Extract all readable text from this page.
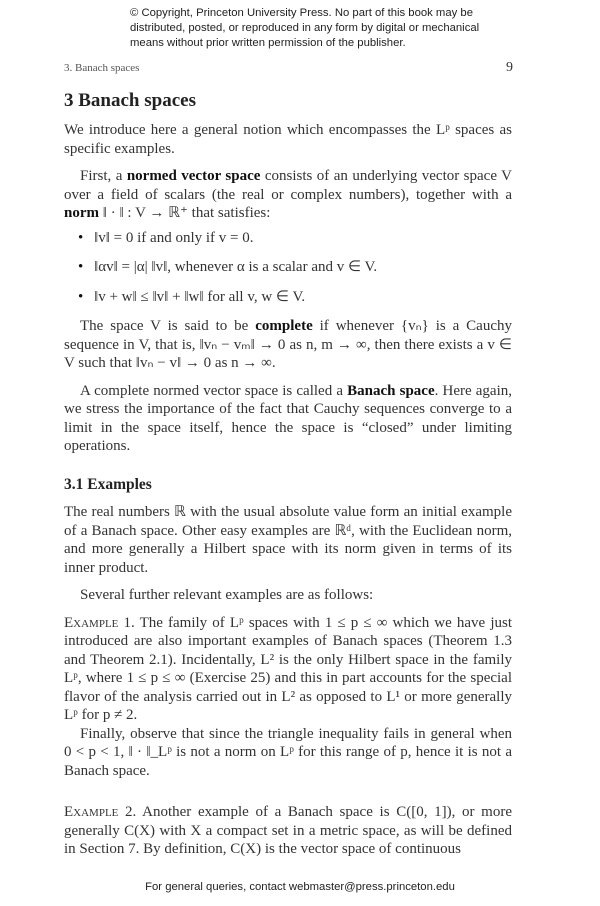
© Copyright, Princeton University Press. No part of this book may be
distributed, posted, or reproduced in any form by digital or mechanical
means without prior written permission of the publisher.
3. Banach spaces	9
3 Banach spaces

We introduce here a general notion which encompasses the Lᵖ spaces as specific examples.

First, a normed vector space consists of an underlying vector space V over a field of scalars (the real or complex numbers), together with a norm ‖ · ‖ : V → ℝ⁺ that satisfies:

• ‖v‖ = 0 if and only if v = 0.
• ‖αv‖ = |α| ‖v‖, whenever α is a scalar and v ∈ V.
• ‖v + w‖ ≤ ‖v‖ + ‖w‖ for all v, w ∈ V.

The space V is said to be complete if whenever {vₙ} is a Cauchy sequence in V, that is, ‖vₙ − vₘ‖ → 0 as n, m → ∞, then there exists a v ∈ V such that ‖vₙ − v‖ → 0 as n → ∞.

A complete normed vector space is called a Banach space. Here again, we stress the importance of the fact that Cauchy sequences converge to a limit in the space itself, hence the space is “closed” under limiting operations.

3.1 Examples

The real numbers ℝ with the usual absolute value form an initial example of a Banach space. Other easy examples are ℝᵈ, with the Euclidean norm, and more generally a Hilbert space with its norm given in terms of its inner product.

Several further relevant examples are as follows:

Example 1. The family of Lᵖ spaces with 1 ≤ p ≤ ∞ which we have just introduced are also important examples of Banach spaces (Theorem 1.3 and Theorem 2.1). Incidentally, L² is the only Hilbert space in the family Lᵖ, where 1 ≤ p ≤ ∞ (Exercise 25) and this in part accounts for the special flavor of the analysis carried out in L² as opposed to L¹ or more generally Lᵖ for p ≠ 2.

Finally, observe that since the triangle inequality fails in general when 0 < p < 1, ‖ · ‖_Lᵖ is not a norm on Lᵖ for this range of p, hence it is not a Banach space.

Example 2. Another example of a Banach space is C([0, 1]), or more generally C(X) with X a compact set in a metric space, as will be defined in Section 7. By definition, C(X) is the vector space of continuous

For general queries, contact webmaster@press.princeton.edu
